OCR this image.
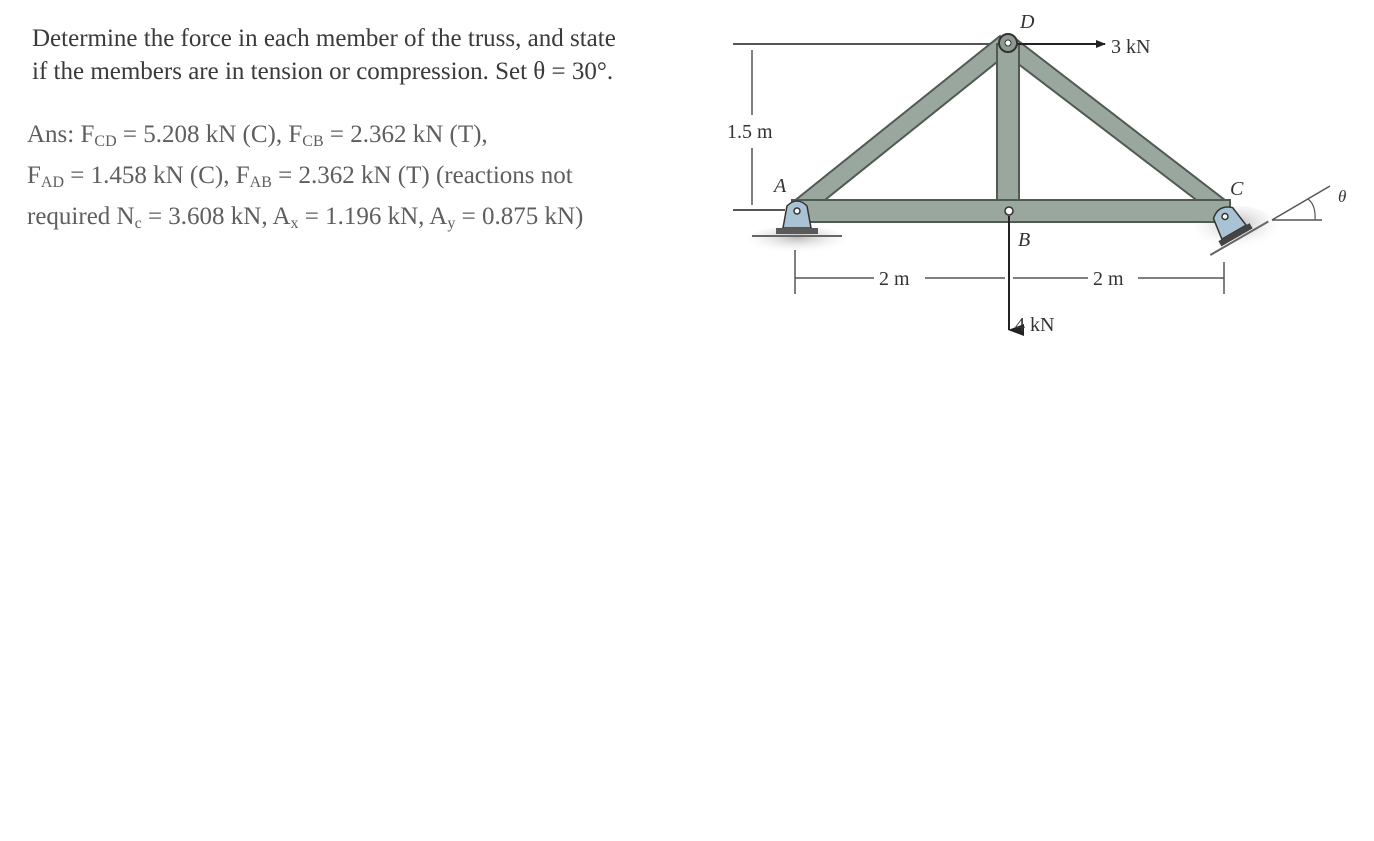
Determine the force in each member of the truss, and state
if the members are in tension or compression. Set θ = 30°.
Ans: $F_{CD} = 5.208$ kN (C), $F_{CB} = 2.362$ kN (T),
$F_{AD} = 1.458$ kN (C), $F_{AB} = 2.362$ kN (T) (reactions not
required $N_c = 3.608$ kN, $A_x = 1.196$ kN, $A_y = 0.875$ kN)
1.5 m
θ
D
A
B
C
3 kN
4 kN
2 m	2 m
